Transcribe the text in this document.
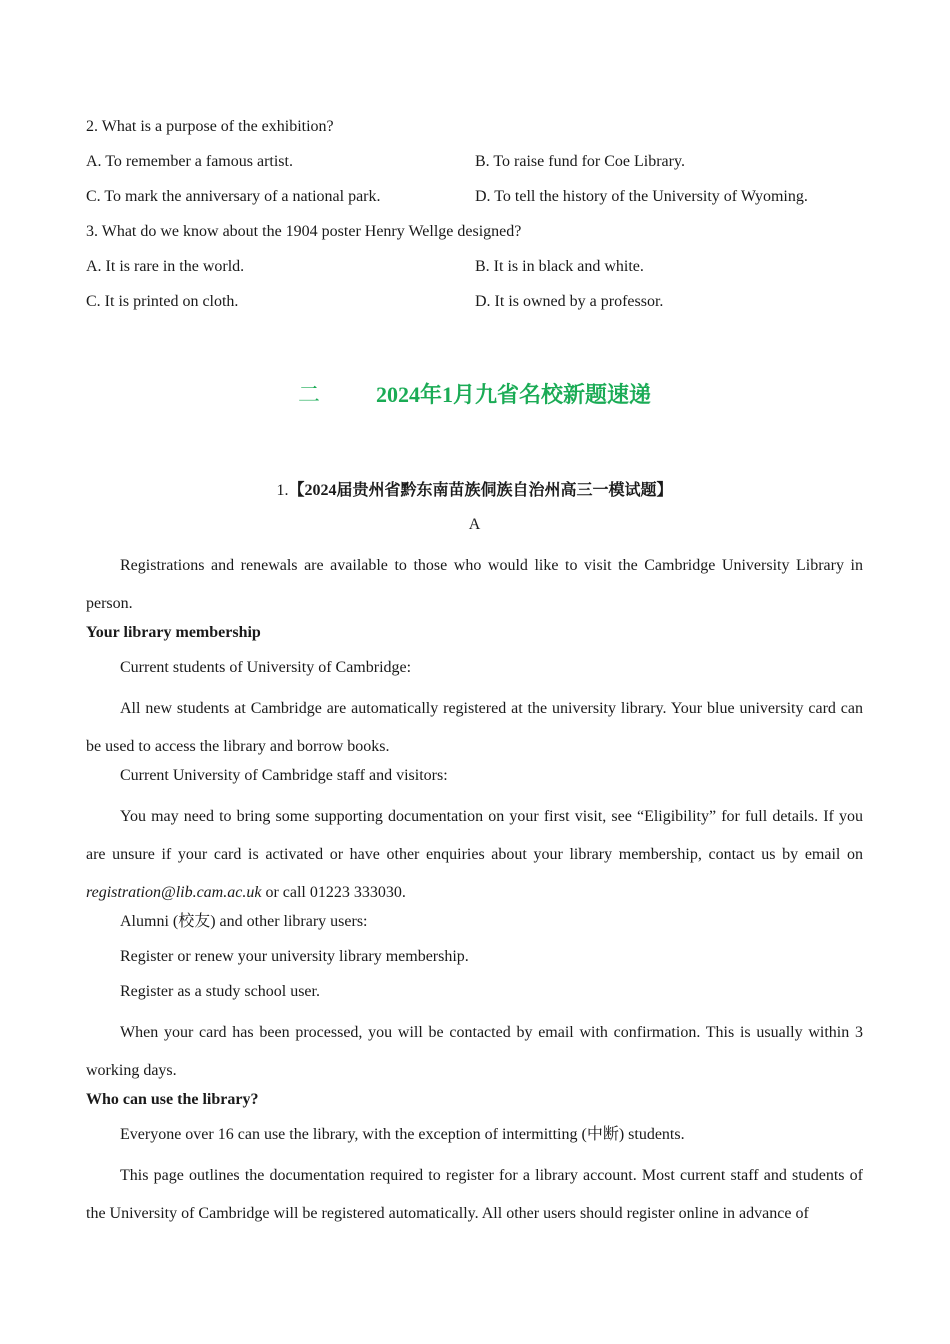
2. What is a purpose of the exhibition?
A. To remember a famous artist.	B. To raise fund for Coe Library.
C. To mark the anniversary of a national park.	D. To tell the history of the University of Wyoming.
3. What do we know about the 1904 poster Henry Wellge designed?
A. It is rare in the world.	B. It is in black and white.
C. It is printed on cloth.	D. It is owned by a professor.
二	2024年1月九省名校新题速递
1.【2024届贵州省黔东南苗族侗族自治州高三一模试题】
A
Registrations and renewals are available to those who would like to visit the Cambridge University Library in person.
Your library membership
Current students of University of Cambridge:
All new students at Cambridge are automatically registered at the university library. Your blue university card can be used to access the library and borrow books.
Current University of Cambridge staff and visitors:
You may need to bring some supporting documentation on your first visit, see “Eligibility” for full details. If you are unsure if your card is activated or have other enquiries about your library membership, contact us by email on registration@lib.cam.ac.uk or call 01223 333030.
Alumni (校友) and other library users:
Register or renew your university library membership.
Register as a study school user.
When your card has been processed, you will be contacted by email with confirmation. This is usually within 3 working days.
Who can use the library?
Everyone over 16 can use the library, with the exception of intermitting (中断) students.
This page outlines the documentation required to register for a library account. Most current staff and students of the University of Cambridge will be registered automatically. All other users should register online in advance of
